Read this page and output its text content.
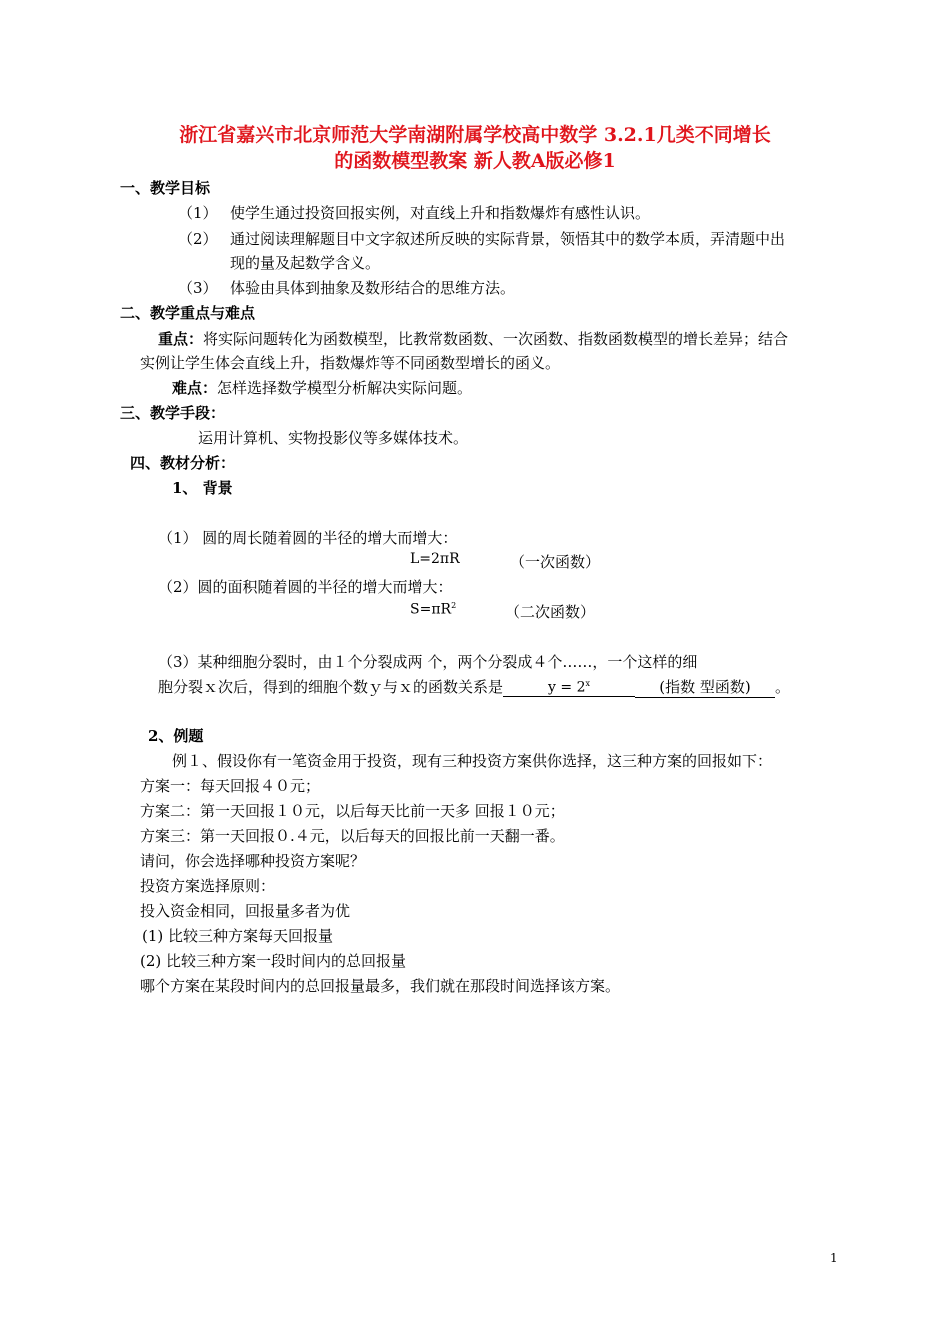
浙江省嘉兴市北京师范大学南湖附属学校高中数学 3.2.1几类不同增长
的函数模型教案 新人教A版必修1
一、教学目标
（1） 使学生通过投资回报实例，对直线上升和指数爆炸有感性认识。
（2） 通过阅读理解题目中文字叙述所反映的实际背景，领悟其中的数学本质，弄清题中出
现的量及起数学含义。
（3） 体验由具体到抽象及数形结合的思维方法。
二、教学重点与难点
重点：将实际问题转化为函数模型，比教常数函数、一次函数、指数函数模型的增长差异；结合
实例让学生体会直线上升，指数爆炸等不同函数型增长的函义。
难点：怎样选择数学模型分析解决实际问题。
三、教学手段：
运用计算机、实物投影仪等多媒体技术。
四、教材分析：
1、 背景
（1） 圆的周长随着圆的半径的增大而增大：
L=2πR	（一次函数）
（2）圆的面积随着圆的半径的增大而增大：
$S=\pi R^2$	（二次函数）
（3）某种细胞分裂时，由１个分裂成两 个，两个分裂成４个……，一个这样的细
胞分裂ｘ次后，得到的细胞个数ｙ与ｘ的函数关系是	$y = 2^x$	(指数 型函数) 。
2、例题
例１、假设你有一笔资金用于投资，现有三种投资方案供你选择，这三种方案的回报如下：
方案一：每天回报４０元；
方案二：第一天回报１０元，以后每天比前一天多 回报１０元；
方案三：第一天回报０.４元，以后每天的回报比前一天翻一番。
请问，你会选择哪种投资方案呢？
投资方案选择原则：
投入资金相同，回报量多者为优
(1) 比较三种方案每天回报量
(2) 比较三种方案一段时间内的总回报量
哪个方案在某段时间内的总回报量最多，我们就在那段时间选择该方案。
1
